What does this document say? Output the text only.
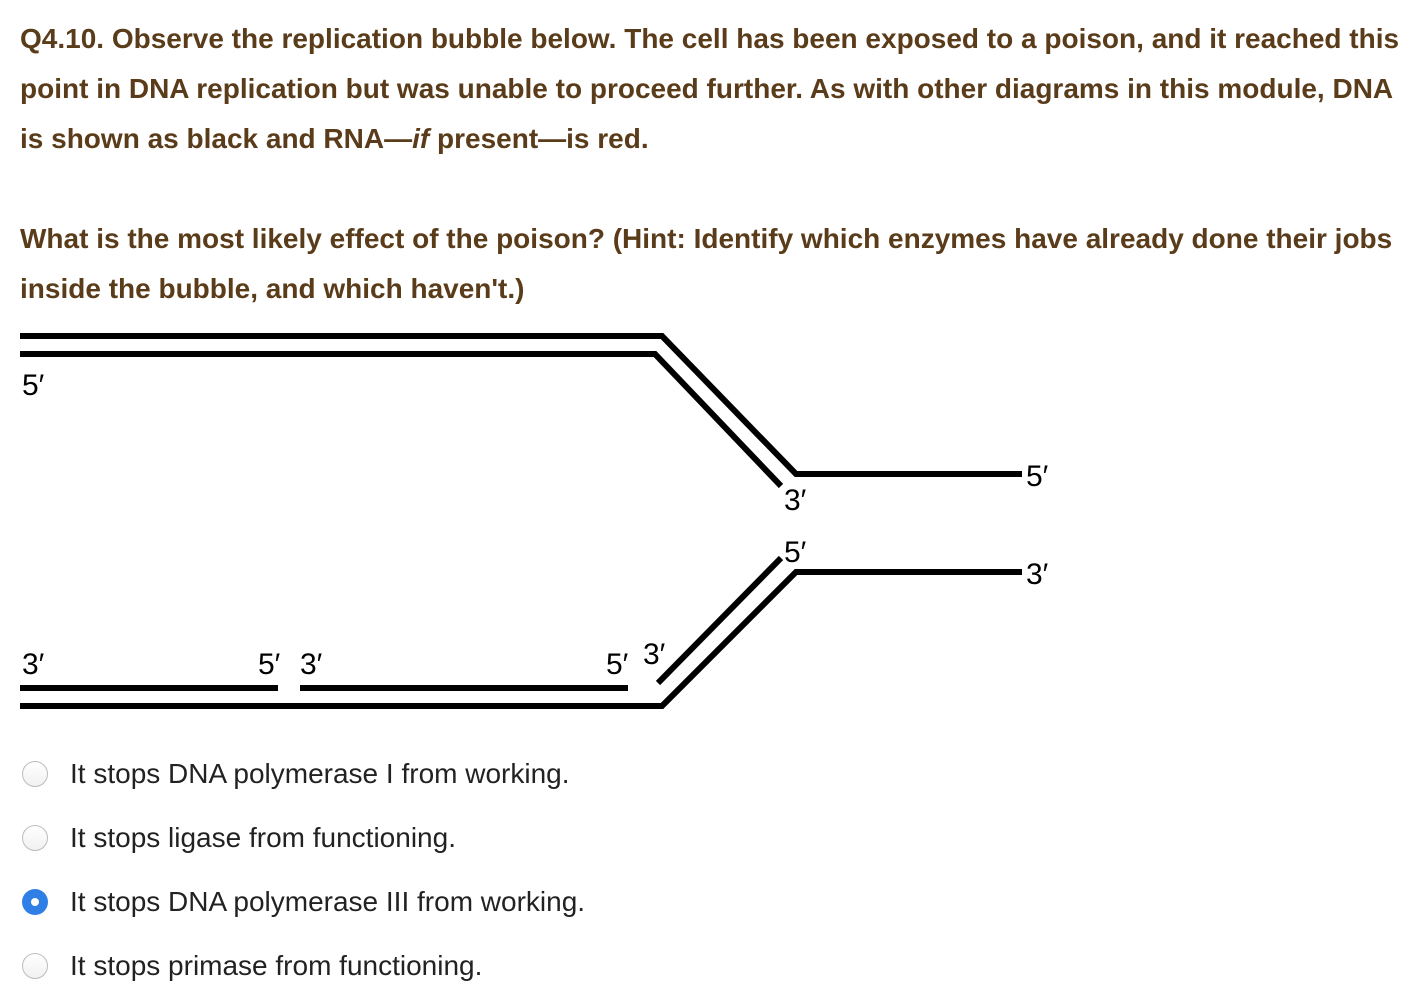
Q4.10. Observe the replication bubble below. The cell has been exposed to a poison, and it reached this point in DNA replication but was unable to proceed further. As with other diagrams in this module, DNA is shown as black and RNA—if present—is red.

What is the most likely effect of the poison? (Hint: Identify which enzymes have already done their jobs inside the bubble, and which haven't.)

5′
5′
3′
5′
3′
3′	5′ 3′	5′ 3′
It stops DNA polymerase I from working.
It stops ligase from functioning.
It stops DNA polymerase III from working.
It stops primase from functioning.
